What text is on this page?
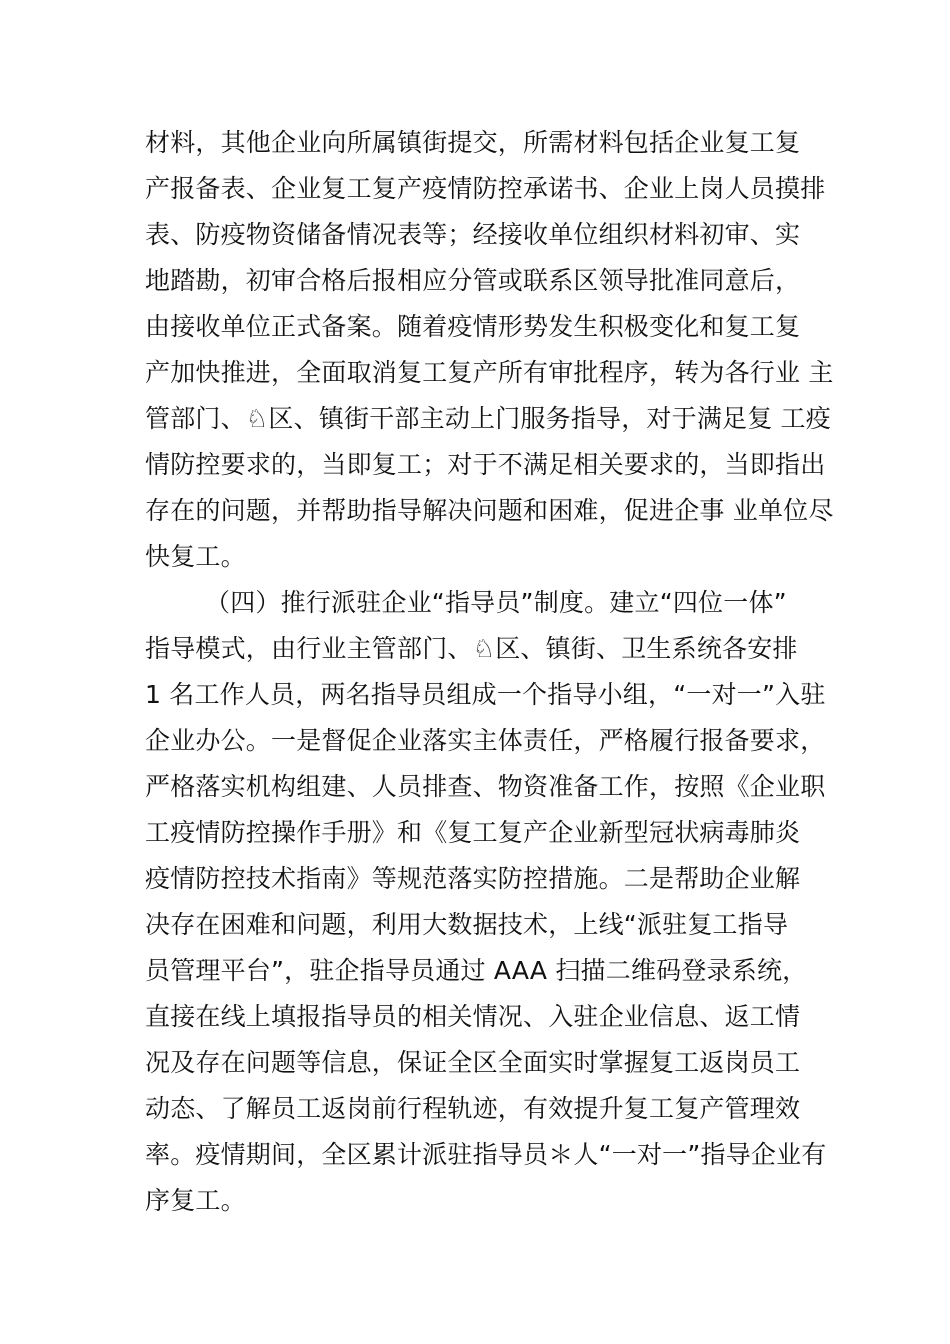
材料，其他企业向所属镇街提交，所需材料包括企业复工复
产报备表、企业复工复产疫情防控承诺书、企业上岗人员摸排
表、防疫物资储备情况表等；经接收单位组织材料初审、实
地踏勘，初审合格后报相应分管或联系区领导批准同意后，
由接收单位正式备案。随着疫情形势发生积极变化和复工复
产加快推进，全面取消复工复产所有审批程序，转为各行业 主
管部门、♘区、镇街干部主动上门服务指导，对于满足复 工疫
情防控要求的，当即复工；对于不满足相关要求的，当即指出
存在的问题，并帮助指导解决问题和困难，促进企事 业单位尽
快复工。
（四）推行派驻企业“指导员”制度。建立“四位一体”
指导模式，由行业主管部门、♘区、镇街、卫生系统各安排
1 名工作人员，两名指导员组成一个指导小组，“一对一”入驻
企业办公。一是督促企业落实主体责任，严格履行报备要求，
严格落实机构组建、人员排查、物资准备工作，按照《企业职
工疫情防控操作手册》和《复工复产企业新型冠状病毒肺炎
疫情防控技术指南》等规范落实防控措施。二是帮助企业解
决存在困难和问题，利用大数据技术，上线“派驻复工指导
员管理平台”，驻企指导员通过 AAA 扫描二维码登录系统，
直接在线上填报指导员的相关情况、入驻企业信息、返工情
况及存在问题等信息，保证全区全面实时掌握复工返岗员工
动态、了解员工返岗前行程轨迹，有效提升复工复产管理效
率。疫情期间，全区累计派驻指导员＊人“一对一”指导企业有
序复工。
